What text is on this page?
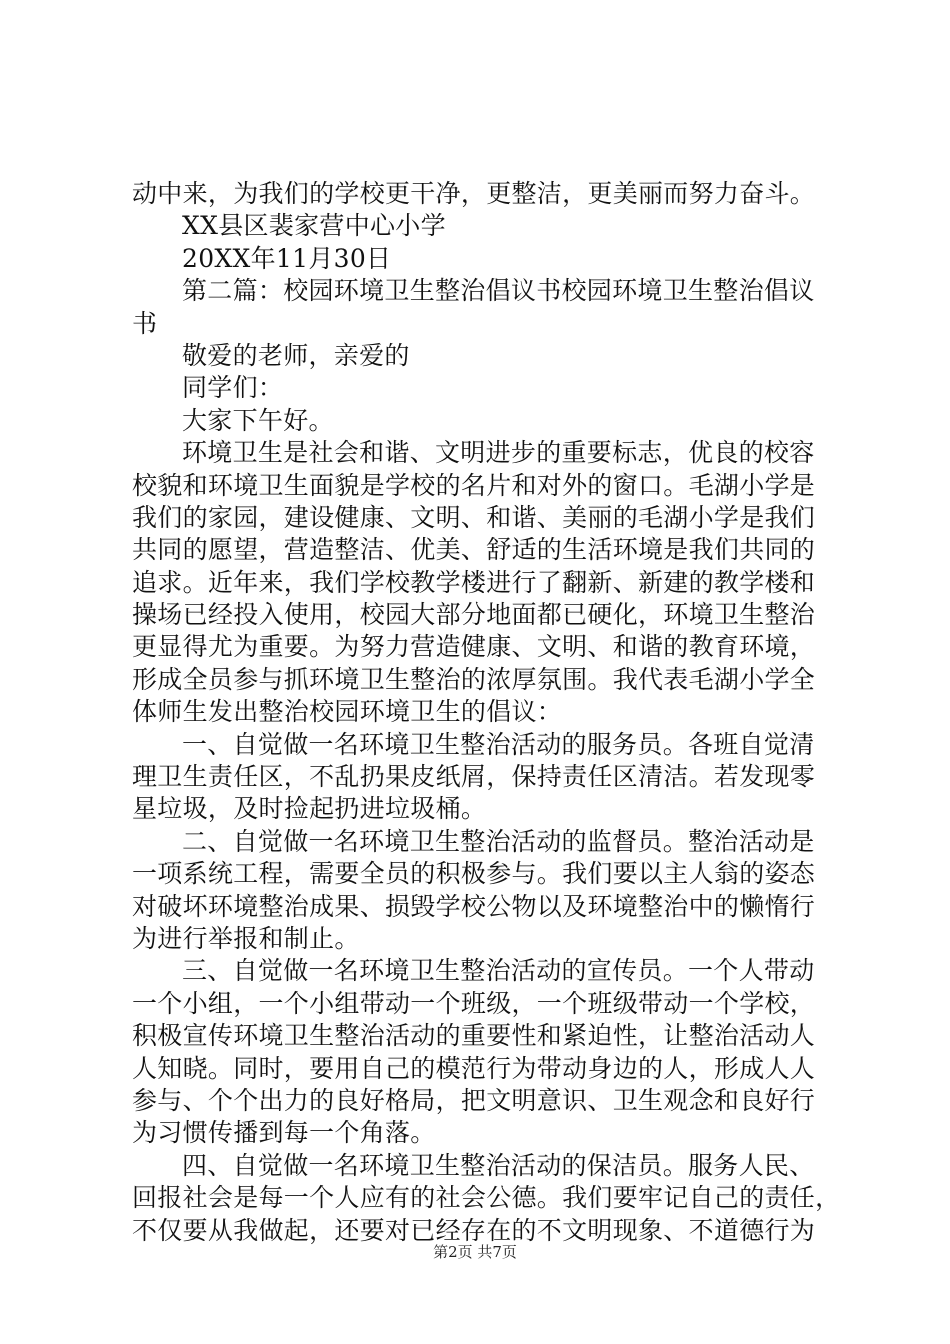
动中来，为我们的学校更干净，更整洁，更美丽而努力奋斗。
XX县区裴家营中心小学
20XX年11月30日
第二篇：校园环境卫生整治倡议书校园环境卫生整治倡议
书
敬爱的老师，亲爱的
同学们：
大家下午好。
环境卫生是社会和谐、文明进步的重要标志，优良的校容
校貌和环境卫生面貌是学校的名片和对外的窗口。毛湖小学是
我们的家园，建设健康、文明、和谐、美丽的毛湖小学是我们
共同的愿望，营造整洁、优美、舒适的生活环境是我们共同的
追求。近年来，我们学校教学楼进行了翻新、新建的教学楼和
操场已经投入使用，校园大部分地面都已硬化，环境卫生整治
更显得尤为重要。为努力营造健康、文明、和谐的教育环境，
形成全员参与抓环境卫生整治的浓厚氛围。我代表毛湖小学全
体师生发出整治校园环境卫生的倡议：
一、自觉做一名环境卫生整治活动的服务员。各班自觉清
理卫生责任区，不乱扔果皮纸屑，保持责任区清洁。若发现零
星垃圾，及时捡起扔进垃圾桶。
二、自觉做一名环境卫生整治活动的监督员。整治活动是
一项系统工程，需要全员的积极参与。我们要以主人翁的姿态
对破坏环境整治成果、损毁学校公物以及环境整治中的懒惰行
为进行举报和制止。
三、自觉做一名环境卫生整治活动的宣传员。一个人带动
一个小组，一个小组带动一个班级，一个班级带动一个学校，
积极宣传环境卫生整治活动的重要性和紧迫性，让整治活动人
人知晓。同时，要用自己的模范行为带动身边的人，形成人人
参与、个个出力的良好格局，把文明意识、卫生观念和良好行
为习惯传播到每一个角落。
四、自觉做一名环境卫生整治活动的保洁员。服务人民、
回报社会是每一个人应有的社会公德。我们要牢记自己的责任，
不仅要从我做起，还要对已经存在的不文明现象、不道德行为
第2页 共7页
